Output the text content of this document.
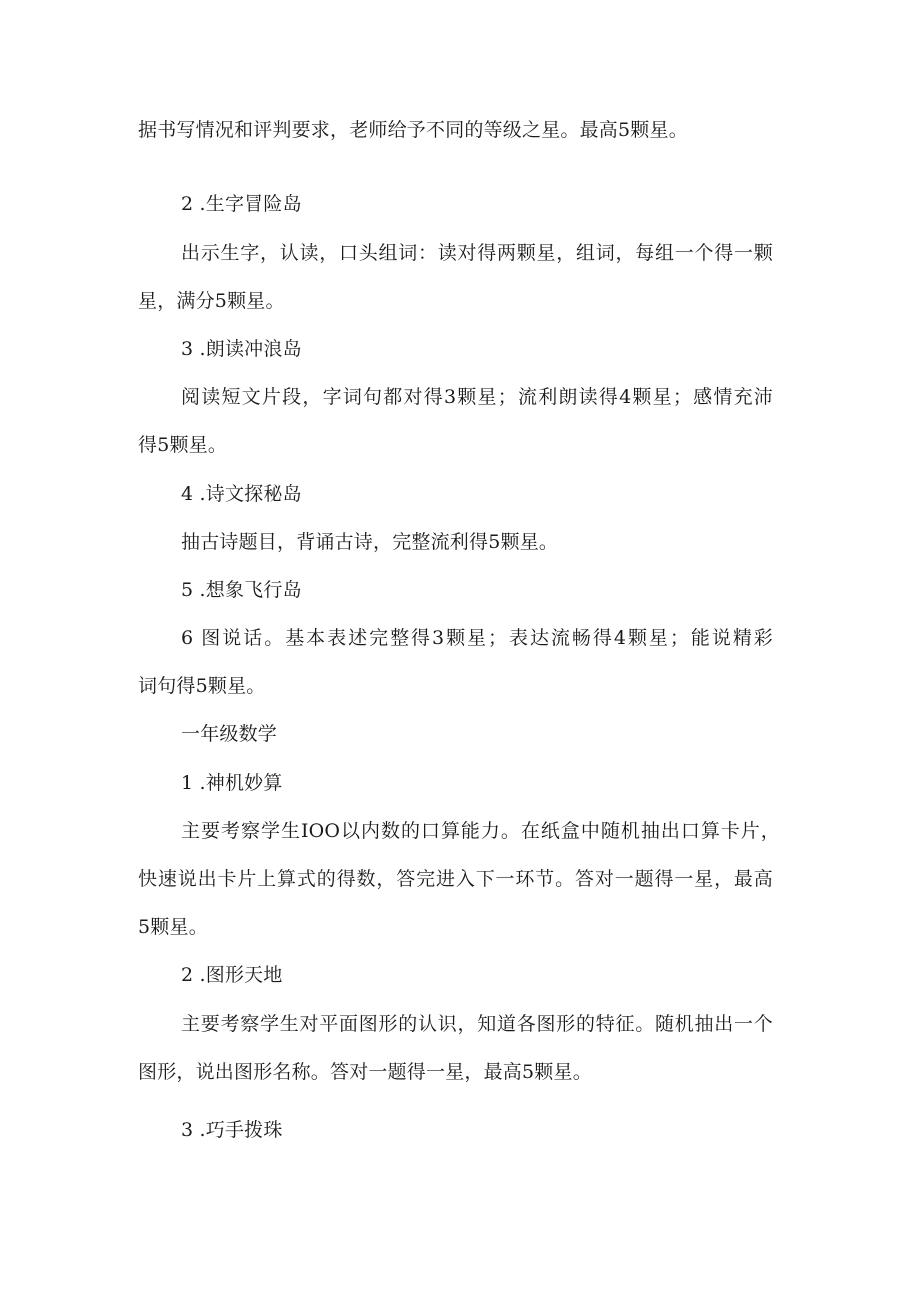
据书写情况和评判要求，老师给予不同的等级之星。最高5颗星。
2 .生字冒险岛
出示生字，认读，口头组词：读对得两颗星，组词，每组一个得一颗
星，满分5颗星。
3 .朗读冲浪岛
阅读短文片段，字词句都对得3颗星；流利朗读得4颗星；感情充沛
得5颗星。
4 .诗文探秘岛
抽古诗题目，背诵古诗，完整流利得5颗星。
5 .想象飞行岛
6 图说话。基本表述完整得3颗星；表达流畅得4颗星；能说精彩
词句得5颗星。
一年级数学
1 .神机妙算
主要考察学生IOO以内数的口算能力。在纸盒中随机抽出口算卡片，
快速说出卡片上算式的得数，答完进入下一环节。答对一题得一星，最高
5颗星。
2 .图形天地
主要考察学生对平面图形的认识，知道各图形的特征。随机抽出一个
图形，说出图形名称。答对一题得一星，最高5颗星。
3 .巧手拨珠
